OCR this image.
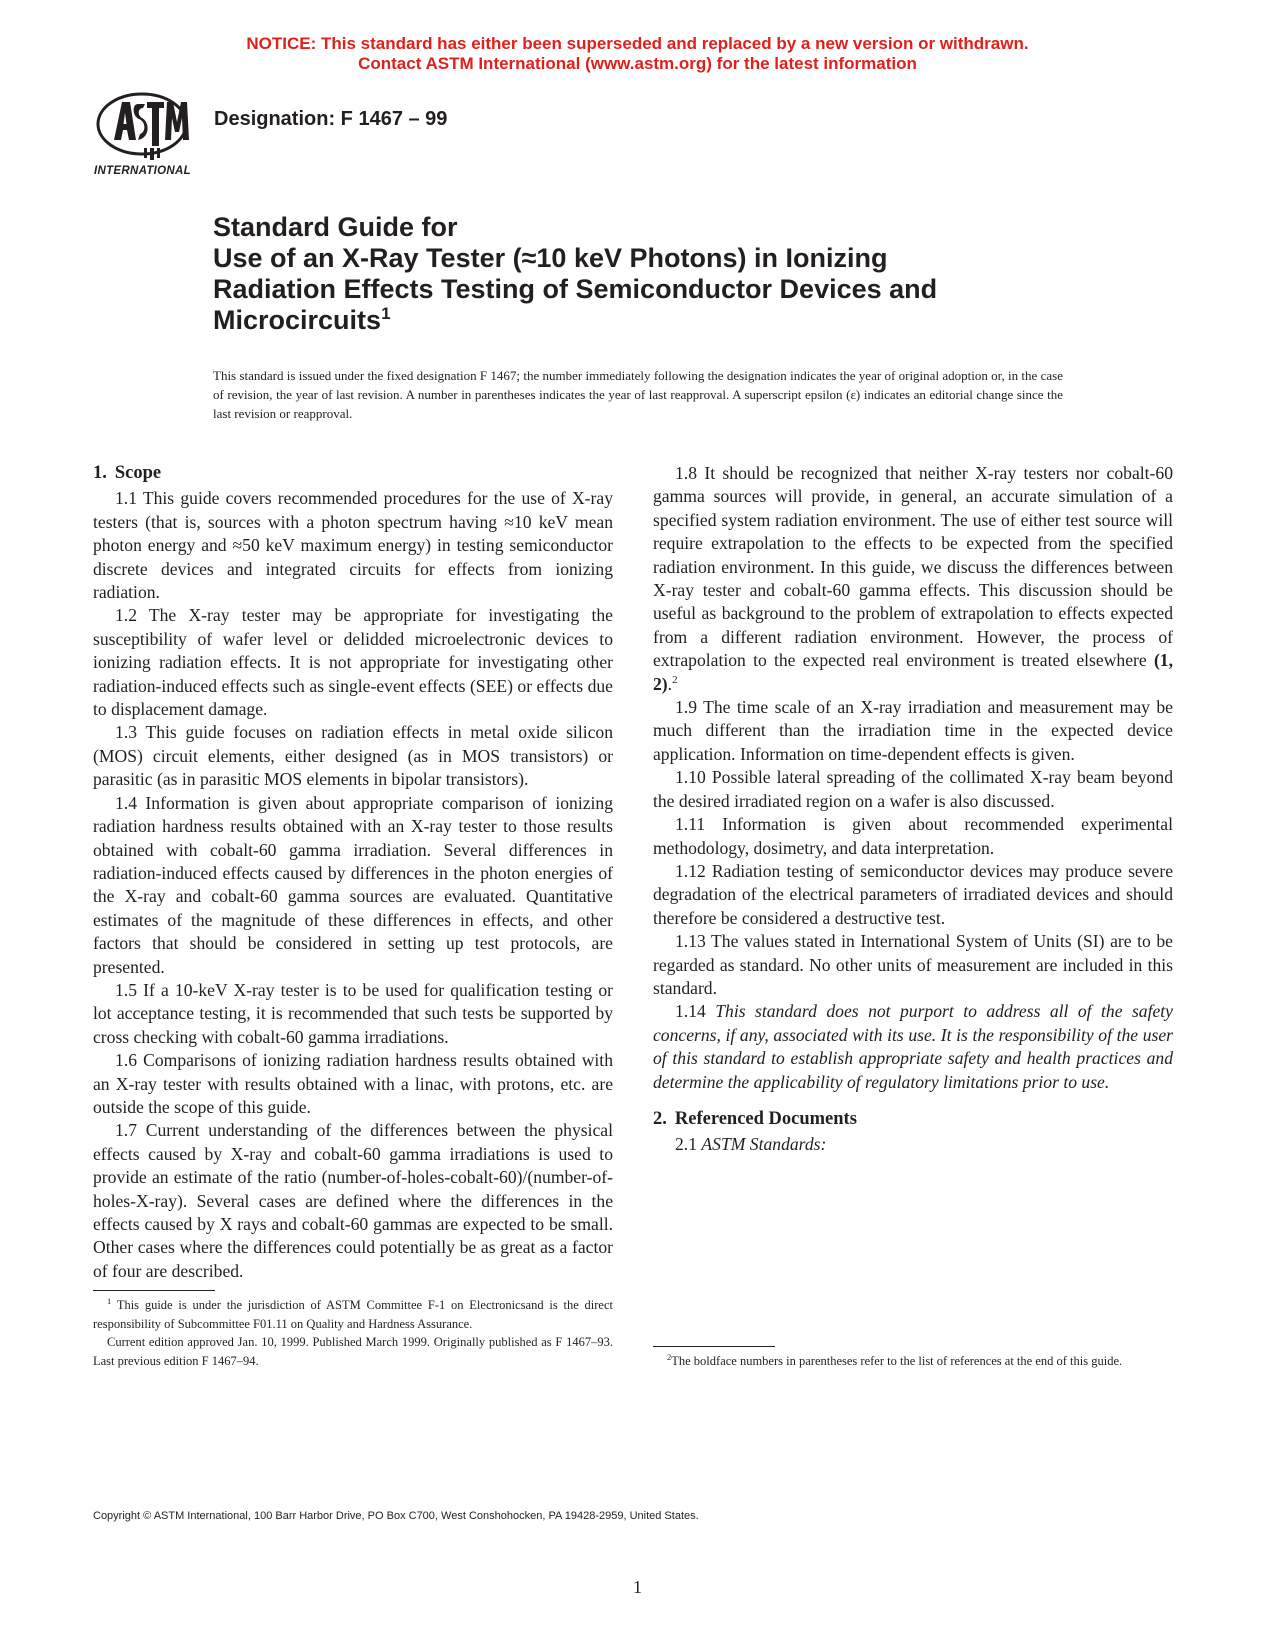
NOTICE: This standard has either been superseded and replaced by a new version or withdrawn.
Contact ASTM International (www.astm.org) for the latest information
INTERNATIONAL
Designation: F 1467 – 99
Standard Guide for
Use of an X-Ray Tester (≈10 keV Photons) in Ionizing
Radiation Effects Testing of Semiconductor Devices and
Microcircuits$^1$
This standard is issued under the fixed designation F 1467; the number immediately following the designation indicates the year of original adoption or, in the case of revision, the year of last revision. A number in parentheses indicates the year of last reapproval. A superscript epsilon (ε) indicates an editorial change since the last revision or reapproval.
1. Scope

1.1 This guide covers recommended procedures for the use of X-ray testers (that is, sources with a photon spectrum having ≈10 keV mean photon energy and ≈50 keV maximum energy) in testing semiconductor discrete devices and integrated circuits for effects from ionizing radiation.

1.2 The X-ray tester may be appropriate for investigating the susceptibility of wafer level or delidded microelectronic devices to ionizing radiation effects. It is not appropriate for investigating other radiation-induced effects such as single-event effects (SEE) or effects due to displacement damage.

1.3 This guide focuses on radiation effects in metal oxide silicon (MOS) circuit elements, either designed (as in MOS transistors) or parasitic (as in parasitic MOS elements in bipolar transistors).

1.4 Information is given about appropriate comparison of ionizing radiation hardness results obtained with an X-ray tester to those results obtained with cobalt-60 gamma irradiation. Several differences in radiation-induced effects caused by differences in the photon energies of the X-ray and cobalt-60 gamma sources are evaluated. Quantitative estimates of the magnitude of these differences in effects, and other factors that should be considered in setting up test protocols, are presented.

1.5 If a 10-keV X-ray tester is to be used for qualification testing or lot acceptance testing, it is recommended that such tests be supported by cross checking with cobalt-60 gamma irradiations.

1.6 Comparisons of ionizing radiation hardness results obtained with an X-ray tester with results obtained with a linac, with protons, etc. are outside the scope of this guide.

1.7 Current understanding of the differences between the physical effects caused by X-ray and cobalt-60 gamma irradiations is used to provide an estimate of the ratio (number-of-holes-cobalt-60)/(number-of-holes-X-ray). Several cases are defined where the differences in the effects caused by X rays and cobalt-60 gammas are expected to be small. Other cases where the differences could potentially be as great as a factor of four are described.

$^1$ This guide is under the jurisdiction of ASTM Committee F-1 on Electronicsand is the direct responsibility of Subcommittee F01.11 on Quality and Hardness Assurance.

Current edition approved Jan. 10, 1999. Published March 1999. Originally published as F 1467–93. Last previous edition F 1467–94.

1.8 It should be recognized that neither X-ray testers nor cobalt-60 gamma sources will provide, in general, an accurate simulation of a specified system radiation environment. The use of either test source will require extrapolation to the effects to be expected from the specified radiation environment. In this guide, we discuss the differences between X-ray tester and cobalt-60 gamma effects. This discussion should be useful as background to the problem of extrapolation to effects expected from a different radiation environment. However, the process of extrapolation to the expected real environment is treated elsewhere (1, 2).$^2$

1.9 The time scale of an X-ray irradiation and measurement may be much different than the irradiation time in the expected device application. Information on time-dependent effects is given.

1.10 Possible lateral spreading of the collimated X-ray beam beyond the desired irradiated region on a wafer is also discussed.

1.11 Information is given about recommended experimental methodology, dosimetry, and data interpretation.

1.12 Radiation testing of semiconductor devices may produce severe degradation of the electrical parameters of irradiated devices and should therefore be considered a destructive test.

1.13 The values stated in International System of Units (SI) are to be regarded as standard. No other units of measurement are included in this standard.

1.14 This standard does not purport to address all of the safety concerns, if any, associated with its use. It is the responsibility of the user of this standard to establish appropriate safety and health practices and determine the applicability of regulatory limitations prior to use.

2. Referenced Documents

2.1 ASTM Standards:

$^2$The boldface numbers in parentheses refer to the list of references at the end of this guide.

Copyright © ASTM International, 100 Barr Harbor Drive, PO Box C700, West Conshohocken, PA 19428-2959, United States.
1
